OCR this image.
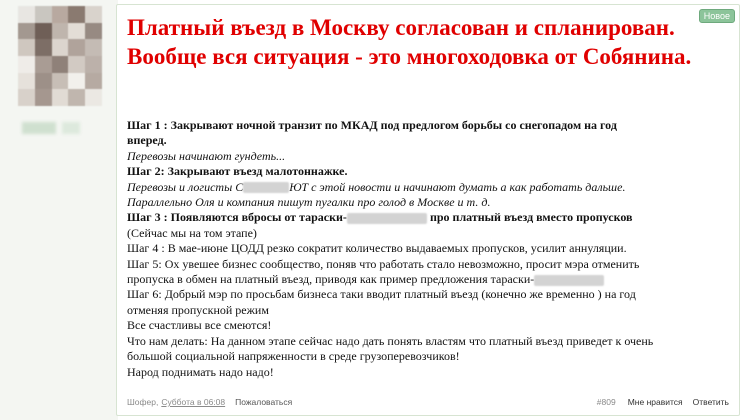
Новое
Платный въезд в Москву согласован и спланирован. Вообще вся ситуация - это многоходовка от Собянина.
Шаг 1 : Закрывают ночной транзит по МКАД под предлогом борьбы со снегопадом на год
вперед.
Перевозы начинают гундеть...
Шаг 2: Закрывают въезд малотоннажке.
Перевозы и логисты С	ЮТ с этой новости и начинают думать а как работать дальше.
Параллельно Оля и компания пишут пугалки про голод в Москве и т. д.
Шаг 3 : Появляются вбросы от тараски-	про платный въезд вместо пропусков
(Сейчас мы на том этапе)
Шаг 4 : В мае-июне ЦОДД резко сократит количество выдаваемых пропусков, усилит аннуляции.
Шаг 5: Ох увешее бизнес сообщество, поняв что работать стало невозможно, просит мэра отменить
пропуска в обмен на платный въезд, приводя как пример предложения тараски-
Шаг 6: Добрый мэр по просьбам бизнеса таки вводит платный въезд (конечно же временно ) на год
отменяя пропускной режим
Все счастливы все смеются!
Что нам делать: На данном этапе сейчас надо дать понять властям что платный въезд приведет к очень
большой социальной напряженности в среде грузоперевозчиков!
Народ поднимать надо надо!
Шофер, Суббота в 06:08 Пожаловаться	#809 Мне нравится Ответить
